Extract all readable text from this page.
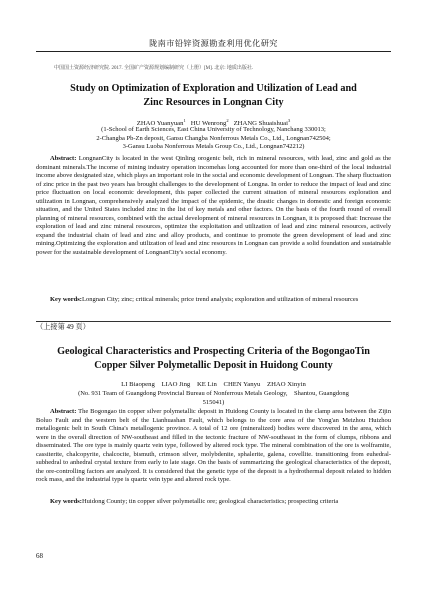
陇南市铅锌资源勘查利用优化研究
中国国土资源经济研究院. 2017. 全国矿产资源规划编制研究（上册）[M]. 北京: 地质出版社.
Study on Optimization of Exploration and Utilization of Lead and
Zinc Resources in Longnan City
ZHAO Yuanyuan$^1$ HU Wenrong$^2$ ZHANG Shuaishuai$^3$
(1-School of Earth Sciences, East China University of Technology, Nanchang 330013;
2-Changba Pb-Zn deposit, Gansu Changba Nonferrous Metals Co., Ltd., Longnan742504;
3-Gansu Luoba Nonferrous Metals Group Co., Ltd., Longnan742212)

Abstract: LongnanCity is located in the west Qinling orogenic belt, rich in mineral resources, with lead, zinc and gold as the dominant minerals.The income of mining industry operation incomehas long accounted for more than one-third of the local industrial income above designated size, which plays an important role in the social and economic development of Longnan. The sharp fluctuation of zinc price in the past two years has brought challenges to the development of Longna. In order to reduce the impact of lead and zinc price fluctuation on local economic development, this paper collected the current situation of mineral resources exploration and utilization in Longnan, comprehensively analyzed the impact of the epidemic, the drastic changes in domestic and foreign economic situation, and the United States included zinc in the list of key metals and other factors. On the basis of the fourth round of overall planning of mineral resources, combined with the actual development of mineral resources in Longnan, it is proposed that: Increase the exploration of lead and zinc mineral resources, optimize the exploitation and utilization of lead and zinc mineral resources, actively expand the industrial chain of lead and zinc and alloy products, and continue to promote the green development of lead and zinc mining.Optimizing the exploration and utilization of lead and zinc resources in Longnan can provide a solid foundation and sustainable power for the sustainable development of LongnanCity's social economy.

Key words:Longnan City; zinc; critical minerals; price trend analysis; exploration and utilization of mineral resources

（上接第 49 页）
Geological Characteristics and Prospecting Criteria of the BogongaoTin
Copper Silver Polymetallic Deposit in Huidong County
LI Biaopeng    LIAO Jing    KE Lin    CHEN Yanyu    ZHAO Xinyin
(No. 931 Team of Guangdong Provincial Bureau of Nonferrous Metals Geology,    Shantou, Guangdong
515041)

Abstract: The Bogongao tin copper silver polymetallic deposit in Huidong County is located in the clamp area between the Zijin Boluo Fault and the western belt of the Lianhuashan Fault, which belongs to the core area of the Yong'an Meizhou Huizhou metallogenic belt in South China's metallogenic province. A total of 12 ore (mineralized) bodies were discovered in the area, which were in the overall direction of NW-southeast and filled in the tectonic fracture of NW-southeast in the form of clumps, ribbons and disseminated. The ore type is mainly quartz vein type, followed by altered rock type. The mineral combination of the ore is wolframite, cassiterite, chalcopyrite, chalcocite, bismuth, crimson silver, molybdenite, sphalerite, galena, covellite. transitioning from euhedral-subhedral to anhedral crystal texture from early to late stage. On the basis of summarizing the geological characteristics of the deposit, the ore-controlling factors are analyzed. It is considered that the genetic type of the deposit is a hydrothermal deposit related to hidden rock mass, and the industrial type is quartz vein type and altered rock type.

Key words:Huidong County; tin copper silver polymetallic ore; geological characteristics; prospecting criteria

68
